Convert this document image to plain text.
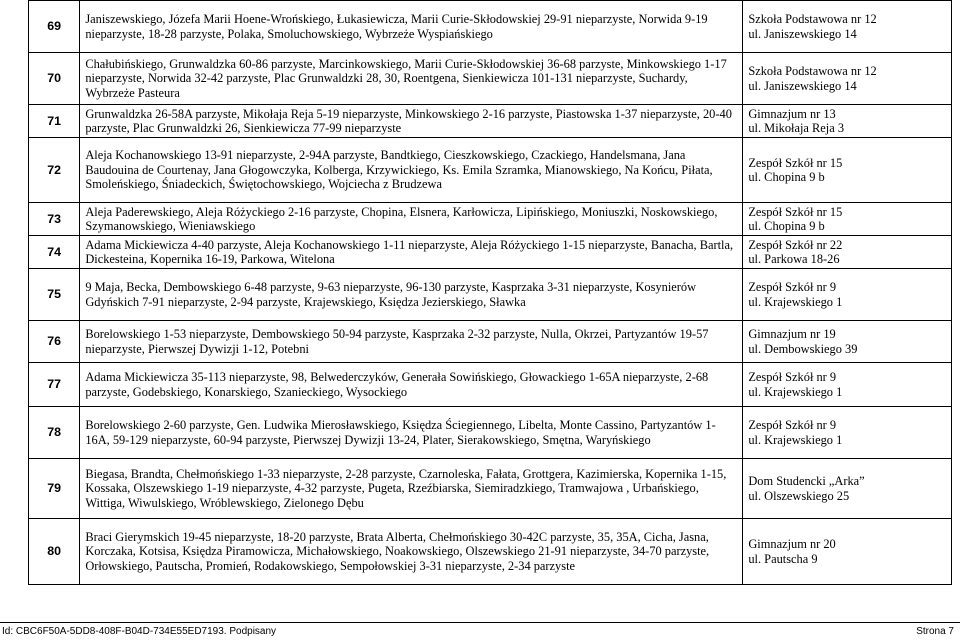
69	Janiszewskiego, Józefa Marii Hoene-Wrońskiego, Łukasiewicza, Marii Curie-Skłodowskiej 29-91 nieparzyste, Norwida 9-19 nieparzyste, 18-28 parzyste, Polaka, Smoluchowskiego, Wybrzeże Wyspiańskiego	Szkoła Podstawowa nr 12
ul. Janiszewskiego 14

70	Chałubińskiego, Grunwaldzka 60-86 parzyste, Marcinkowskiego, Marii Curie-Skłodowskiej 36-68 parzyste, Minkowskiego 1-17 nieparzyste, Norwida 32-42 parzyste, Plac Grunwaldzki 28, 30, Roentgena, Sienkiewicza 101-131 nieparzyste, Suchardy, Wybrzeże Pasteura	Szkoła Podstawowa nr 12
ul. Janiszewskiego 14

71	Grunwaldzka 26-58A parzyste, Mikołaja Reja 5-19 nieparzyste, Minkowskiego 2-16 parzyste, Piastowska 1-37 nieparzyste, 20-40 parzyste, Plac Grunwaldzki 26, Sienkiewicza 77-99 nieparzyste	Gimnazjum nr 13
ul. Mikołaja Reja 3

72	Aleja Kochanowskiego 13-91 nieparzyste, 2-94A parzyste, Bandtkiego, Cieszkowskiego, Czackiego, Handelsmana, Jana Baudouina de Courtenay, Jana Głogowczyka, Kolberga, Krzywickiego, Ks. Emila Szramka, Mianowskiego, Na Końcu, Piłata, Smoleńskiego, Śniadeckich, Świętochowskiego, Wojciecha z Brudzewa	Zespół Szkół nr 15
ul. Chopina 9 b

73	Aleja Paderewskiego, Aleja Różyckiego 2-16 parzyste, Chopina, Elsnera, Karłowicza, Lipińskiego, Moniuszki, Noskowskiego, Szymanowskiego, Wieniawskiego	Zespół Szkół nr 15
ul. Chopina 9 b

74	Adama Mickiewicza 4-40 parzyste, Aleja Kochanowskiego 1-11 nieparzyste, Aleja Różyckiego 1-15 nieparzyste, Banacha, Bartla, Dickesteina, Kopernika 16-19, Parkowa, Witelona	Zespół Szkół nr 22
ul. Parkowa 18-26

75	9 Maja, Becka, Dembowskiego 6-48 parzyste, 9-63 nieparzyste, 96-130 parzyste, Kasprzaka 3-31 nieparzyste, Kosynierów Gdyńskich 7-91 nieparzyste, 2-94 parzyste, Krajewskiego, Księdza Jezierskiego, Sławka	Zespół Szkół nr 9
ul. Krajewskiego 1

76	Borelowskiego 1-53 nieparzyste, Dembowskiego 50-94 parzyste, Kasprzaka 2-32 parzyste, Nulla, Okrzei, Partyzantów 19-57 nieparzyste, Pierwszej Dywizji 1-12, Potebni	Gimnazjum nr 19
ul. Dembowskiego 39

77	Adama Mickiewicza 35-113 nieparzyste, 98, Belwederczyków, Generała Sowińskiego, Głowackiego 1-65A nieparzyste, 2-68 parzyste, Godebskiego, Konarskiego, Szanieckiego, Wysockiego	Zespół Szkół nr 9
ul. Krajewskiego 1

78	Borelowskiego 2-60 parzyste, Gen. Ludwika Mierosławskiego, Księdza Ściegiennego, Libelta, Monte Cassino, Partyzantów 1-16A, 59-129 nieparzyste, 60-94 parzyste, Pierwszej Dywizji 13-24, Plater, Sierakowskiego, Smętna, Waryńskiego	Zespół Szkół nr 9
ul. Krajewskiego 1

79	Biegasa, Brandta, Chełmońskiego 1-33 nieparzyste, 2-28 parzyste, Czarnoleska, Fałata, Grottgera, Kazimierska, Kopernika 1-15, Kossaka, Olszewskiego 1-19 nieparzyste, 4-32 parzyste, Pugeta, Rzeźbiarska, Siemiradzkiego, Tramwajowa , Urbańskiego, Wittiga, Wiwulskiego, Wróblewskiego, Zielonego Dębu	Dom Studencki „Arka”
ul. Olszewskiego 25

80	Braci Gierymskich 19-45 nieparzyste, 18-20 parzyste, Brata Alberta, Chełmońskiego 30-42C parzyste, 35, 35A, Cicha, Jasna, Korczaka, Kotsisa, Księdza Piramowicza, Michałowskiego, Noakowskiego, Olszewskiego 21-91 nieparzyste, 34-70 parzyste, Orłowskiego, Pautscha, Promień, Rodakowskiego, Sempołowskiej 3-31 nieparzyste, 2-34 parzyste	Gimnazjum nr 20
ul. Pautscha 9
Id: CBC6F50A-5DD8-408F-B04D-734E55ED7193. Podpisany	Strona 7
